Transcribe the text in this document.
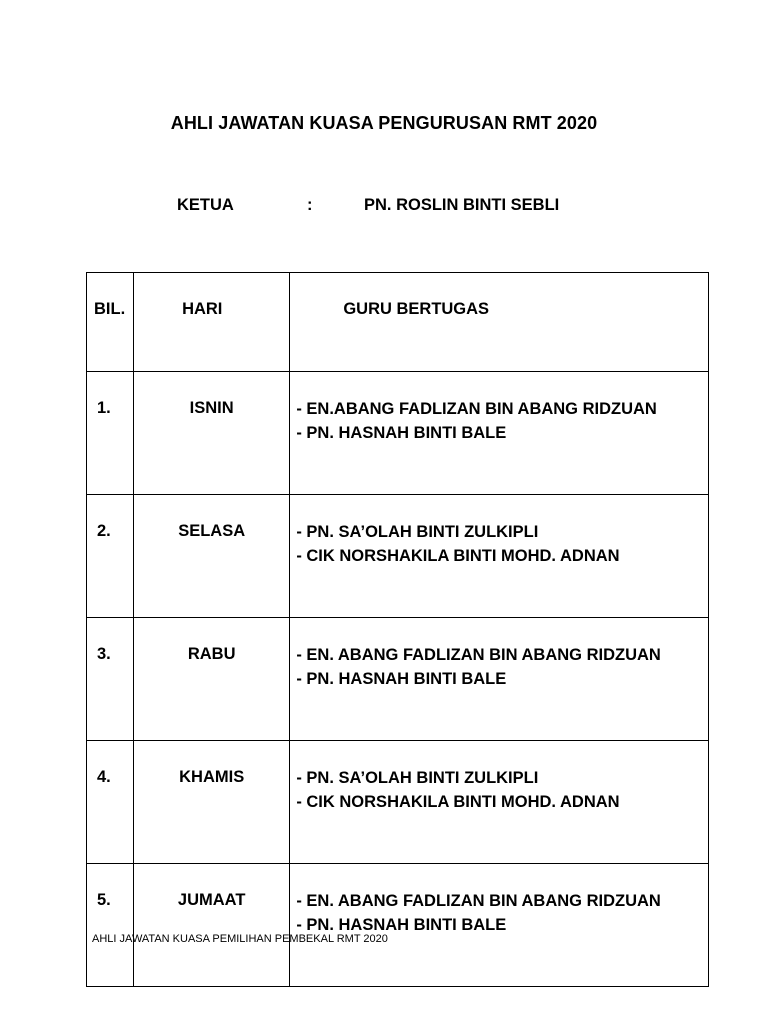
AHLI JAWATAN KUASA PENGURUSAN RMT 2020
KETUA	:	PN. ROSLIN BINTI SEBLI
BIL.	HARI	GURU BERTUGAS
1.	ISNIN	- EN.ABANG FADLIZAN BIN ABANG RIDZUAN
- PN. HASNAH BINTI BALE

2.	SELASA	- PN. SA’OLAH BINTI ZULKIPLI
- CIK NORSHAKILA BINTI MOHD. ADNAN

3.	RABU	- EN. ABANG FADLIZAN BIN ABANG RIDZUAN
- PN. HASNAH BINTI BALE

4.	KHAMIS	- PN. SA’OLAH BINTI ZULKIPLI
- CIK NORSHAKILA BINTI MOHD. ADNAN

5.	JUMAAT	- EN. ABANG FADLIZAN BIN ABANG RIDZUAN
- PN. HASNAH BINTI BALE
AHLI JAWATAN KUASA PEMILIHAN PEMBEKAL RMT 2020
